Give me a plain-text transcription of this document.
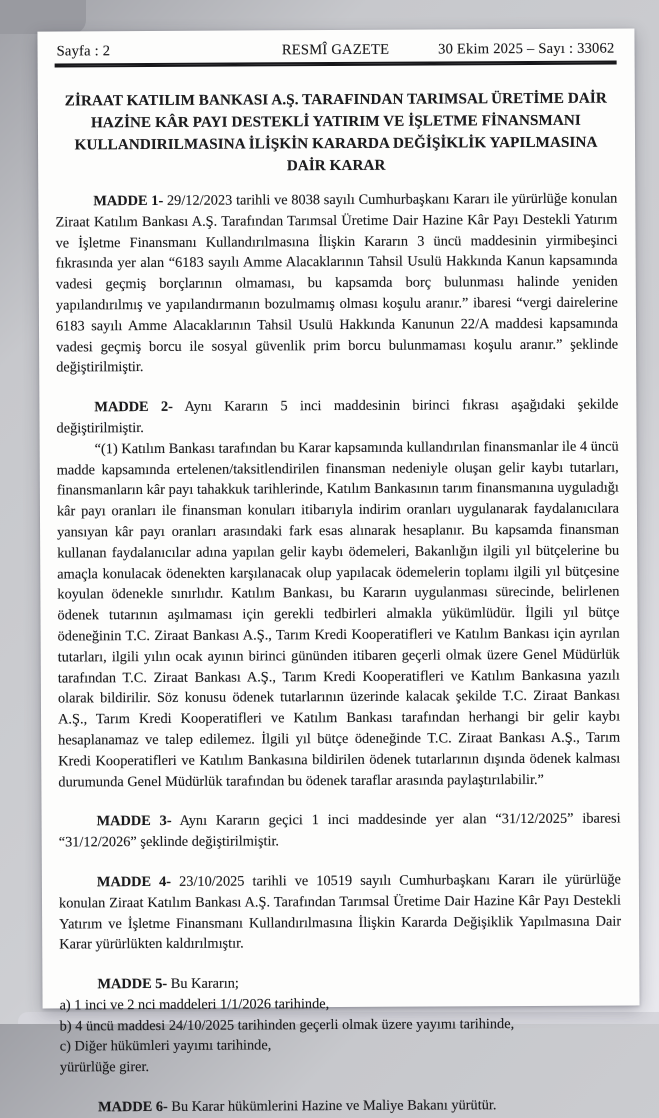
Sayfa : 2	RESMÎ GAZETE	30 Ekim 2025 – Sayı : 33062
ZİRAAT KATILIM BANKASI A.Ş. TARAFINDAN TARIMSAL ÜRETİME DAİR HAZİNE KÂR PAYI DESTEKLİ YATIRIM VE İŞLETME FİNANSMANI KULLANDIRILMASINA İLİŞKİN KARARDA DEĞİŞİKLİK YAPILMASINA DAİR KARAR

MADDE 1- 29/12/2023 tarihli ve 8038 sayılı Cumhurbaşkanı Kararı ile yürürlüğe konulan Ziraat Katılım Bankası A.Ş. Tarafından Tarımsal Üretime Dair Hazine Kâr Payı Destekli Yatırım ve İşletme Finansmanı Kullandırılmasına İlişkin Kararın 3 üncü maddesinin yirmibeşinci fıkrasında yer alan “6183 sayılı Amme Alacaklarının Tahsil Usulü Hakkında Kanun kapsamında vadesi geçmiş borçlarının olmaması, bu kapsamda borç bulunması halinde yeniden yapılandırılmış ve yapılandırmanın bozulmamış olması koşulu aranır.” ibaresi “vergi dairelerine 6183 sayılı Amme Alacaklarının Tahsil Usulü Hakkında Kanunun 22/A maddesi kapsamında vadesi geçmiş borcu ile sosyal güvenlik prim borcu bulunmaması koşulu aranır.” şeklinde değiştirilmiştir.

MADDE 2- Aynı Kararın 5 inci maddesinin birinci fıkrası aşağıdaki şekilde değiştirilmiştir.

“(1) Katılım Bankası tarafından bu Karar kapsamında kullandırılan finansmanlar ile 4 üncü madde kapsamında ertelenen/taksitlendirilen finansman nedeniyle oluşan gelir kaybı tutarları, finansmanların kâr payı tahakkuk tarihlerinde, Katılım Bankasının tarım finansmanına uyguladığı kâr payı oranları ile finansman konuları itibarıyla indirim oranları uygulanarak faydalanıcılara yansıyan kâr payı oranları arasındaki fark esas alınarak hesaplanır. Bu kapsamda finansman kullanan faydalanıcılar adına yapılan gelir kaybı ödemeleri, Bakanlığın ilgili yıl bütçelerine bu amaçla konulacak ödenekten karşılanacak olup yapılacak ödemelerin toplamı ilgili yıl bütçesine koyulan ödenekle sınırlıdır. Katılım Bankası, bu Kararın uygulanması sürecinde, belirlenen ödenek tutarının aşılmaması için gerekli tedbirleri almakla yükümlüdür. İlgili yıl bütçe ödeneğinin T.C. Ziraat Bankası A.Ş., Tarım Kredi Kooperatifleri ve Katılım Bankası için ayrılan tutarları, ilgili yılın ocak ayının birinci gününden itibaren geçerli olmak üzere Genel Müdürlük tarafından T.C. Ziraat Bankası A.Ş., Tarım Kredi Kooperatifleri ve Katılım Bankasına yazılı olarak bildirilir. Söz konusu ödenek tutarlarının üzerinde kalacak şekilde T.C. Ziraat Bankası A.Ş., Tarım Kredi Kooperatifleri ve Katılım Bankası tarafından herhangi bir gelir kaybı hesaplanamaz ve talep edilemez. İlgili yıl bütçe ödeneğinde T.C. Ziraat Bankası A.Ş., Tarım Kredi Kooperatifleri ve Katılım Bankasına bildirilen ödenek tutarlarının dışında ödenek kalması durumunda Genel Müdürlük tarafından bu ödenek taraflar arasında paylaştırılabilir.”

MADDE 3- Aynı Kararın geçici 1 inci maddesinde yer alan “31/12/2025” ibaresi “31/12/2026” şeklinde değiştirilmiştir.

MADDE 4- 23/10/2025 tarihli ve 10519 sayılı Cumhurbaşkanı Kararı ile yürürlüğe konulan Ziraat Katılım Bankası A.Ş. Tarafından Tarımsal Üretime Dair Hazine Kâr Payı Destekli Yatırım ve İşletme Finansmanı Kullandırılmasına İlişkin Kararda Değişiklik Yapılmasına Dair Karar yürürlükten kaldırılmıştır.

MADDE 5- Bu Kararın;

a) 1 inci ve 2 nci maddeleri 1/1/2026 tarihinde,

b) 4 üncü maddesi 24/10/2025 tarihinden geçerli olmak üzere yayımı tarihinde,

c) Diğer hükümleri yayımı tarihinde,

yürürlüğe girer.

MADDE 6- Bu Karar hükümlerini Hazine ve Maliye Bakanı yürütür.
